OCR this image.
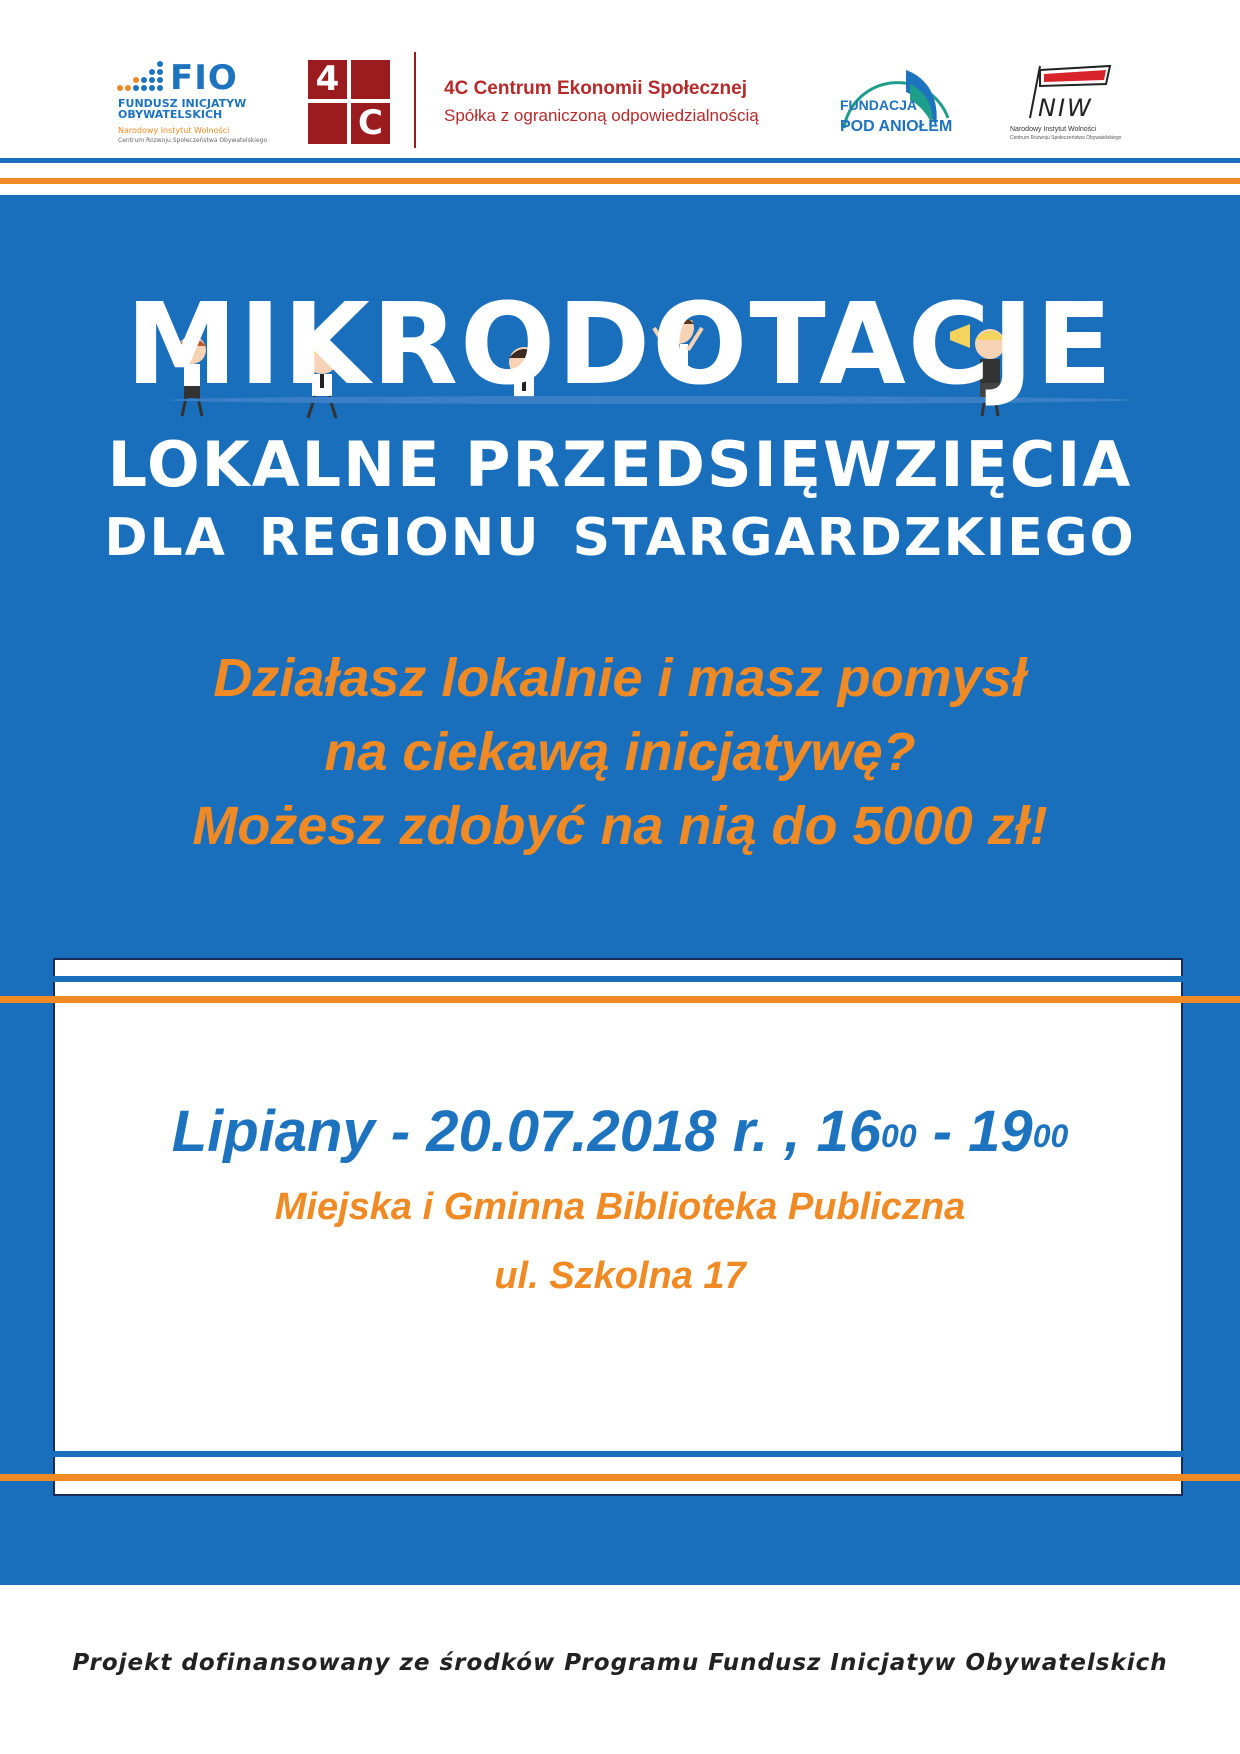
FIO
FUNDUSZ INICJATYW
OBYWATELSKICH
Narodowy Instytut Wolności
Centrum Rozwoju Społeczeństwa Obywatelskiego
4
C
4C Centrum Ekonomii Społecznej
Spółka z ograniczoną odpowiedzialnością
FUNDACJA
POD ANIOŁEM
NIW
Narodowy Instytut Wolności
Centrum Rozwoju Społeczeństwa Obywatelskiego
MIKRODOTACJE
LOKALNE PRZEDSIĘWZIĘCIA
DLA REGIONU STARGARDZKIEGO
Działasz lokalnie i masz pomysł
na ciekawą inicjatywę?
Możesz zdobyć na nią do 5000 zł!
Lipiany - 20.07.2018 r. , $16^{00} - 19^{00}$
Miejska i Gminna Biblioteka Publiczna
ul. Szkolna 17
Projekt dofinansowany ze środków Programu Fundusz Inicjatyw Obywatelskich
